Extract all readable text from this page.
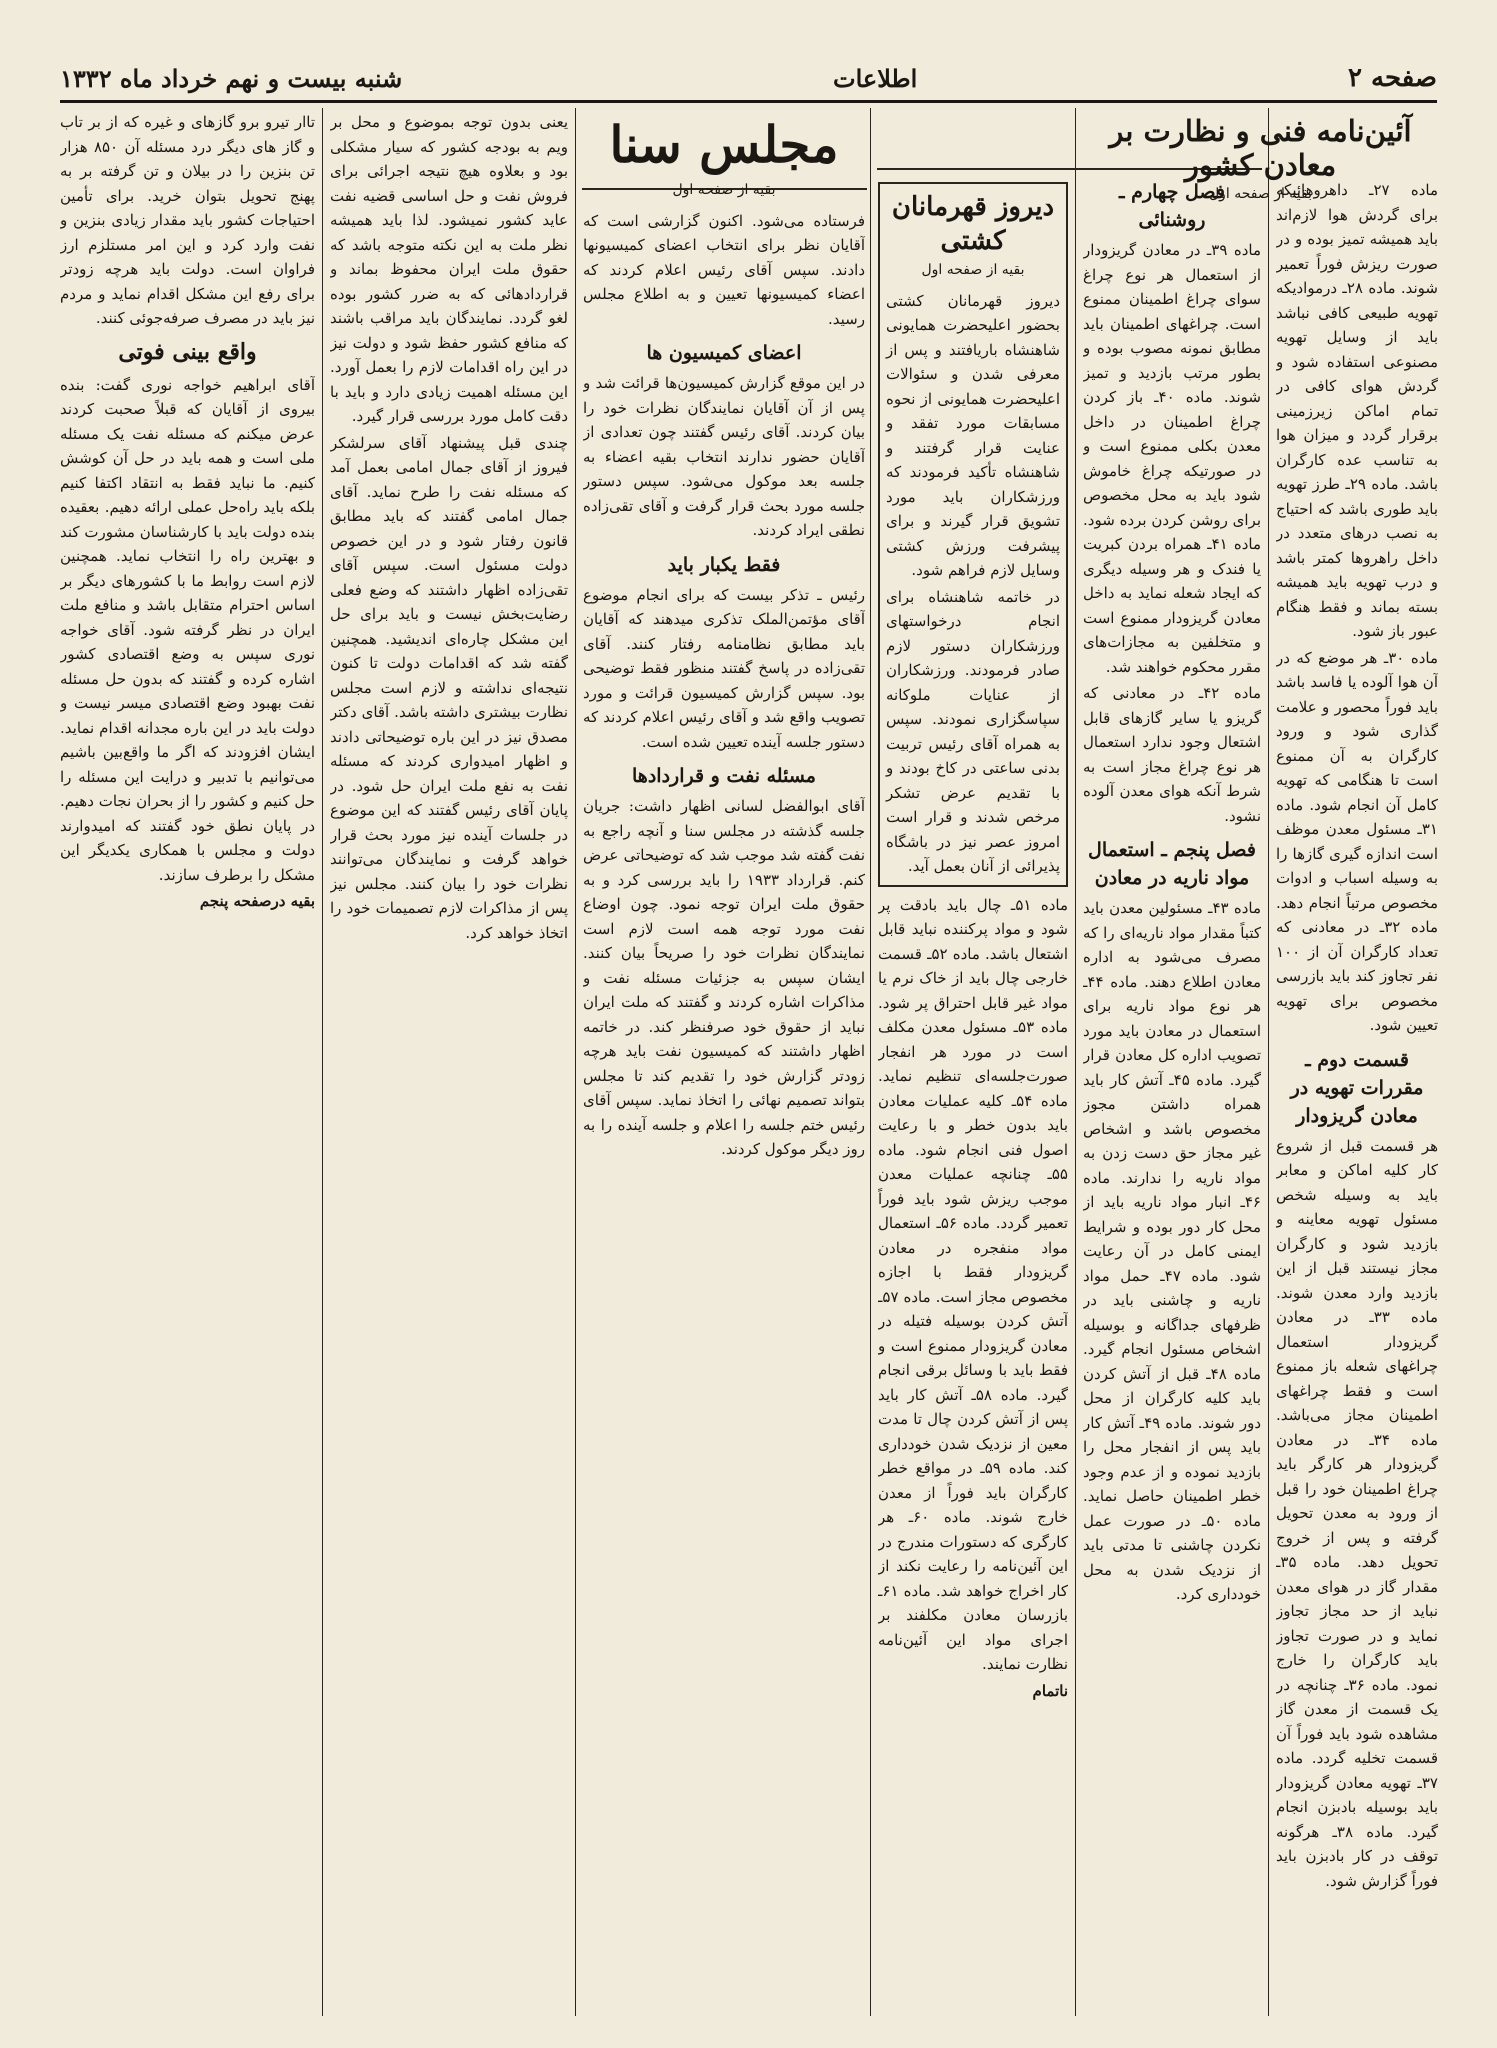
صفحه ۲
اطلاعات
شنبه بیست و نهم خرداد ماه ۱۳۳۲

ماده ۲۷ـ داهروهائیکه برای گردش هوا لازم‌اند باید همیشه تمیز بوده و در صورت ریزش فوراً تعمیر شوند. ماده ۲۸ـ درموادیکه تهویه طبیعی کافی نباشد باید از وسایل تهویه مصنوعی استفاده شود و گردش هوای کافی در تمام اماکن زیرزمینی برقرار گردد و میزان هوا به تناسب عده کارگران باشد. ماده ۲۹ـ طرز تهویه باید طوری باشد که احتیاج به نصب درهای متعدد در داخل راهروها کمتر باشد و درب تهویه باید همیشه بسته بماند و فقط هنگام عبور باز شود.

ماده ۳۰ـ هر موضع که در آن هوا آلوده یا فاسد باشد باید فوراً محصور و علامت گذاری شود و ورود کارگران به آن ممنوع است تا هنگامی که تهویه کامل آن انجام شود. ماده ۳۱ـ مسئول معدن موظف است اندازه گیری گازها را به وسیله اسباب و ادوات مخصوص مرتباً انجام دهد. ماده ۳۲ـ در معادنی که تعداد کارگران آن از ۱۰۰ نفر تجاوز کند باید بازرسی مخصوص برای تهویه تعیین شود.

قسمت دوم ـ مقررات تهویه در معادن گریزودار

هر قسمت قبل از شروع کار کلیه اماکن و معابر باید به وسیله شخص مسئول تهویه معاینه و بازدید شود و کارگران مجاز نیستند قبل از این بازدید وارد معدن شوند. ماده ۳۳ـ در معادن گریزودار استعمال چراغهای شعله باز ممنوع است و فقط چراغهای اطمینان مجاز می‌باشد. ماده ۳۴ـ در معادن گریزودار هر کارگر باید چراغ اطمینان خود را قبل از ورود به معدن تحویل گرفته و پس از خروج تحویل دهد. ماده ۳۵ـ مقدار گاز در هوای معدن نباید از حد مجاز تجاوز نماید و در صورت تجاوز باید کارگران را خارج نمود. ماده ۳۶ـ چنانچه در یک قسمت از معدن گاز مشاهده شود باید فوراً آن قسمت تخلیه گردد. ماده ۳۷ـ تهویه معادن گریزودار باید بوسیله بادبزن انجام گیرد. ماده ۳۸ـ هرگونه توقف در کار بادبزن باید فوراً گزارش شود.

آئین‌نامه فنی و نظارت بر معادن کشور
بقیه از صفحه اول
فصل چهارم ـ روشنائی

ماده ۳۹ـ در معادن گریزودار از استعمال هر نوع چراغ سوای چراغ اطمینان ممنوع است. چراغهای اطمینان باید مطابق نمونه مصوب بوده و بطور مرتب بازدید و تمیز شوند. ماده ۴۰ـ باز کردن چراغ اطمینان در داخل معدن بکلی ممنوع است و در صورتیکه چراغ خاموش شود باید به محل مخصوص برای روشن کردن برده شود. ماده ۴۱ـ همراه بردن کبریت یا فندک و هر وسیله دیگری که ایجاد شعله نماید به داخل معادن گریزودار ممنوع است و متخلفین به مجازات‌های مقرر محکوم خواهند شد.

ماده ۴۲ـ در معادنی که گریزو یا سایر گازهای قابل اشتعال وجود ندارد استعمال هر نوع چراغ مجاز است به شرط آنکه هوای معدن آلوده نشود.

فصل پنجم ـ استعمال مواد ناریه در معادن

ماده ۴۳ـ مسئولین معدن باید کتباً مقدار مواد ناریه‌ای را که مصرف می‌شود به اداره معادن اطلاع دهند. ماده ۴۴ـ هر نوع مواد ناریه برای استعمال در معادن باید مورد تصویب اداره کل معادن قرار گیرد. ماده ۴۵ـ آتش کار باید همراه داشتن مجوز مخصوص باشد و اشخاص غیر مجاز حق دست زدن به مواد ناریه را ندارند. ماده ۴۶ـ انبار مواد ناریه باید از محل کار دور بوده و شرایط ایمنی کامل در آن رعایت شود. ماده ۴۷ـ حمل مواد ناریه و چاشنی باید در ظرفهای جداگانه و بوسیله اشخاص مسئول انجام گیرد. ماده ۴۸ـ قبل از آتش کردن باید کلیه کارگران از محل دور شوند. ماده ۴۹ـ آتش کار باید پس از انفجار محل را بازدید نموده و از عدم وجود خطر اطمینان حاصل نماید. ماده ۵۰ـ در صورت عمل نکردن چاشنی تا مدتی باید از نزدیک شدن به محل خودداری کرد.

دیروز قهرمانان کشتی
بقیه از صفحه اول

دیروز قهرمانان کشتی بحضور اعلیحضرت همایونی شاهنشاه باریافتند و پس از معرفی شدن و سئوالات اعلیحضرت همایونی از نحوه مسابقات مورد تفقد و عنایت قرار گرفتند و شاهنشاه تأکید فرمودند که ورزشکاران باید مورد تشویق قرار گیرند و برای پیشرفت ورزش کشتی وسایل لازم فراهم شود.

در خاتمه شاهنشاه برای انجام درخواستهای ورزشکاران دستور لازم صادر فرمودند. ورزشکاران از عنایات ملوکانه سپاسگزاری نمودند. سپس به همراه آقای رئیس تربیت بدنی ساعتی در کاخ بودند و با تقدیم عرض تشکر مرخص شدند و قرار است امروز عصر نیز در باشگاه پذیرائی از آنان بعمل آید.

ماده ۵۱ـ چال باید بادقت پر شود و مواد پرکننده نباید قابل اشتعال باشد. ماده ۵۲ـ قسمت خارجی چال باید از خاک نرم یا مواد غیر قابل احتراق پر شود. ماده ۵۳ـ مسئول معدن مکلف است در مورد هر انفجار صورت‌جلسه‌ای تنظیم نماید. ماده ۵۴ـ کلیه عملیات معادن باید بدون خطر و با رعایت اصول فنی انجام شود. ماده ۵۵ـ چنانچه عملیات معدن موجب ریزش شود باید فوراً تعمیر گردد. ماده ۵۶ـ استعمال مواد منفجره در معادن گریزودار فقط با اجازه مخصوص مجاز است. ماده ۵۷ـ آتش کردن بوسیله فتیله در معادن گریزودار ممنوع است و فقط باید با وسائل برقی انجام گیرد. ماده ۵۸ـ آتش کار باید پس از آتش کردن چال تا مدت معین از نزدیک شدن خودداری کند. ماده ۵۹ـ در مواقع خطر کارگران باید فوراً از معدن خارج شوند. ماده ۶۰ـ هر کارگری که دستورات مندرج در این آئین‌نامه را رعایت نکند از کار اخراج خواهد شد. ماده ۶۱ـ بازرسان معادن مکلفند بر اجرای مواد این آئین‌نامه نظارت نمایند.

ناتمام
مجلس سنا
بقیه از صفحه اول

فرستاده می‌شود. اکنون گزارشی است که آقایان نظر برای انتخاب اعضای کمیسیونها دادند. سپس آقای رئیس اعلام کردند که اعضاء کمیسیونها تعیین و به اطلاع مجلس رسید.

اعضای کمیسیون ها

در این موقع گزارش کمیسیون‌ها قرائت شد و پس از آن آقایان نمایندگان نظرات خود را بیان کردند. آقای رئیس گفتند چون تعدادی از آقایان حضور ندارند انتخاب بقیه اعضاء به جلسه بعد موکول می‌شود. سپس دستور جلسه مورد بحث قرار گرفت و آقای تقی‌زاده نطقی ایراد کردند.

فقط یکبار باید

رئیس ـ تذکر بیست که برای انجام موضوع آقای مؤتمن‌الملک تذکری میدهند که آقایان باید مطابق نظامنامه رفتار کنند. آقای تقی‌زاده در پاسخ گفتند منظور فقط توضیحی بود. سپس گزارش کمیسیون قرائت و مورد تصویب واقع شد و آقای رئیس اعلام کردند که دستور جلسه آینده تعیین شده است.

مسئله نفت و قراردادها

آقای ابوالفضل لسانی اظهار داشت: جریان جلسه گذشته در مجلس سنا و آنچه راجع به نفت گفته شد موجب شد که توضیحاتی عرض کنم. قرارداد ۱۹۳۳ را باید بررسی کرد و به حقوق ملت ایران توجه نمود. چون اوضاع نفت مورد توجه همه است لازم است نمایندگان نظرات خود را صریحاً بیان کنند. ایشان سپس به جزئیات مسئله نفت و مذاکرات اشاره کردند و گفتند که ملت ایران نباید از حقوق خود صرفنظر کند. در خاتمه اظهار داشتند که کمیسیون نفت باید هرچه زودتر گزارش خود را تقدیم کند تا مجلس بتواند تصمیم نهائی را اتخاذ نماید. سپس آقای رئیس ختم جلسه را اعلام و جلسه آینده را به روز دیگر موکول کردند.

یعنی بدون توجه بموضوع و محل بر ویم به بودجه کشور که سیار مشکلی بود و بعلاوه هیچ نتیجه اجرائی برای فروش نفت و حل اساسی قضیه نفت عاید کشور نمیشود. لذا باید همیشه نظر ملت به این نکته متوجه باشد که حقوق ملت ایران محفوظ بماند و قراردادهائی که به ضرر کشور بوده لغو گردد. نمایندگان باید مراقب باشند که منافع کشور حفظ شود و دولت نیز در این راه اقدامات لازم را بعمل آورد. این مسئله اهمیت زیادی دارد و باید با دقت کامل مورد بررسی قرار گیرد.

چندی قبل پیشنهاد آقای سرلشکر فیروز از آقای جمال امامی بعمل آمد که مسئله نفت را طرح نماید. آقای جمال امامی گفتند که باید مطابق قانون رفتار شود و در این خصوص دولت مسئول است. سپس آقای تقی‌زاده اظهار داشتند که وضع فعلی رضایت‌بخش نیست و باید برای حل این مشکل چاره‌ای اندیشید. همچنین گفته شد که اقدامات دولت تا کنون نتیجه‌ای نداشته و لازم است مجلس نظارت بیشتری داشته باشد. آقای دکتر مصدق نیز در این باره توضیحاتی دادند و اظهار امیدواری کردند که مسئله نفت به نفع ملت ایران حل شود. در پایان آقای رئیس گفتند که این موضوع در جلسات آینده نیز مورد بحث قرار خواهد گرفت و نمایندگان می‌توانند نظرات خود را بیان کنند. مجلس نیز پس از مذاکرات لازم تصمیمات خود را اتخاذ خواهد کرد.

تاار تیرو برو گازهای و غیره که از بر تاب و گاز های دیگر درد مسئله آن ۸۵۰ هزار تن بنزین را در بیلان و تن گرفته بر به پهنج تحویل بتوان خرید. برای تأمین احتیاجات کشور باید مقدار زیادی بنزین و نفت وارد کرد و این امر مستلزم ارز فراوان است. دولت باید هرچه زودتر برای رفع این مشکل اقدام نماید و مردم نیز باید در مصرف صرفه‌جوئی کنند.

واقع بینی فوتی

آقای ابراهیم خواجه نوری گفت: بنده بیروی از آقایان که قبلاً صحبت کردند عرض میکنم که مسئله نفت یک مسئله ملی است و همه باید در حل آن کوشش کنیم. ما نباید فقط به انتقاد اکتفا کنیم بلکه باید راه‌حل عملی ارائه دهیم. بعقیده بنده دولت باید با کارشناسان مشورت کند و بهترین راه را انتخاب نماید. همچنین لازم است روابط ما با کشورهای دیگر بر اساس احترام متقابل باشد و منافع ملت ایران در نظر گرفته شود. آقای خواجه نوری سپس به وضع اقتصادی کشور اشاره کرده و گفتند که بدون حل مسئله نفت بهبود وضع اقتصادی میسر نیست و دولت باید در این باره مجدانه اقدام نماید. ایشان افزودند که اگر ما واقع‌بین باشیم می‌توانیم با تدبیر و درایت این مسئله را حل کنیم و کشور را از بحران نجات دهیم. در پایان نطق خود گفتند که امیدوارند دولت و مجلس با همکاری یکدیگر این مشکل را برطرف سازند.

بقیه درصفحه پنجم
